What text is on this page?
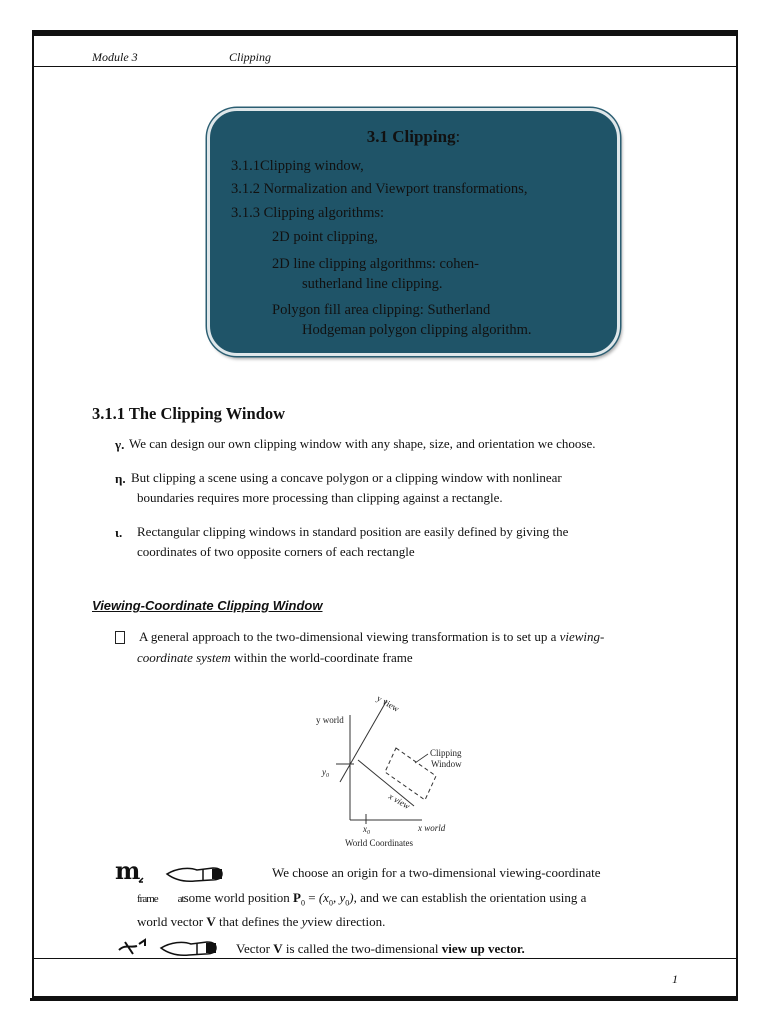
Module 3	Clipping
3.1 Clipping:
3.1.1Clipping window,
3.1.2 Normalization and Viewport transformations,
3.1.3 Clipping algorithms:
2D point clipping,
2D line clipping algorithms: cohen-
sutherland line clipping.
Polygon fill area clipping: Sutherland
Hodgeman polygon clipping algorithm.
3.1.1 The Clipping Window
γ. We can design our own clipping window with any shape, size, and orientation we choose.
η. But clipping a scene using a concave polygon or a clipping window with nonlinear
boundaries requires more processing than clipping against a rectangle.
ι. Rectangular clipping windows in standard position are easily defined by giving the
coordinates of two opposite corners of each rectangle
Viewing-Coordinate Clipping Window
A general approach to the two-dimensional viewing transformation is to set up a viewing-
coordinate system within the world-coordinate frame
y world
y view
Clipping
Window
$y_0$
x view
$x_0$	x world
World Coordinates
m	We choose an origin for a two-dimensional viewing-coordinate
frame atsome world position $P_0 = (x_0$, $y_0$), and we can establish the orientation using a
world vector V that defines the yview direction.
Vector V is called the two-dimensional view up vector.
1
